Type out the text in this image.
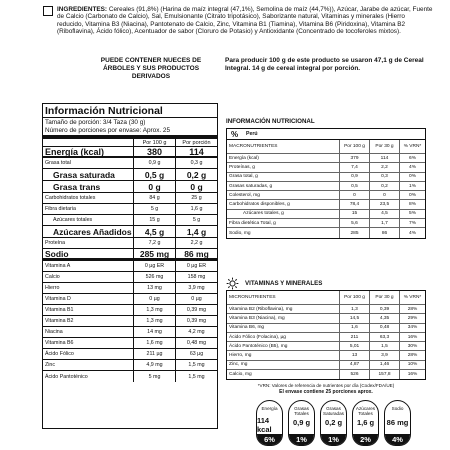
INGREDIENTES: Cereales (91,8%) (Harina de maíz integral (47,1%), Semolina de maíz (44,7%)), Azúcar, Jarabe de azúcar, Fuente de Calcio (Carbonato de Calcio), Sal, Emulsionante (Citrato tripotásico), Saborizante natural, Vitaminas y minerales (Hierro reducido, Vitamina B3 (Niacina), Pantotenato de Calcio, Zinc, Vitamina B1 (Tiamina), Vitamina B6 (Piridoxina), Vitamina B2 (Riboflavina), Ácido fólico), Acentuador de sabor (Cloruro de Potasio) y Antioxidante (Concentrado de tocoferoles mixtos).

PUEDE CONTENER NUECES DE ÁRBOLES Y SUS PRODUCTOS DERIVADOS
Para producir 100 g de este producto se usaron 47,1 g de Cereal Integral. 14 g de cereal integral por porción.
Información Nutricional
Tamaño de porción: 3/4 Taza (30 g)
Número de porciones por envase: Aprox. 25
Por 100 g	Por porción
Energía (kcal)	380	114
Grasa total	0,9 g	0,3 g
Grasa saturada	0,5 g	0,2 g
Grasa trans	0 g	0 g
Carbohidratos totales	84 g	25 g
Fibra dietaria	5 g	1,6 g
Azúcares totales	15 g	5 g
Azúcares Añadidos	4,5 g	1,4 g
Proteína	7,2 g	2,2 g
Sodio	285 mg	86 mg
Vitamina A	0 µg ER	0 µg ER
Calcio	526 mg	158 mg
Hierro	13 mg	3,9 mg
Vitamina D	0 µg	0 µg
Vitamina B1	1,3 mg	0,39 mg
Vitamina B2	1,3 mg	0,39 mg
Niacina	14 mg	4,2 mg
Vitamina B6	1,6 mg	0,48 mg
Ácido Fólico	211 µg	63 µg
Zinc	4,9 mg	1,5 mg
Ácido Pantoténico	5 mg	1,5 mg
INFORMACIÓN NUTRICIONAL
%	Perú
MACRONUTRIENTES	Por 100 g	Por 30 g	% VRN*
Energía (kcal)	379	114	6%
Proteínas, g	7,4	2,2	4%
Grasa total, g	0,9	0,3	0%
Grasas saturadas, g	0,5	0,2	1%
Colesterol, mg	0	0	0%
Carbohidratos disponibles, g	78,4	23,5	8%
Azúcares totales, g	15	4,5	5%
Fibra dietética Total, g	5,6	1,7	7%
Sodio, mg	285	86	4%
VITAMINAS Y MINERALES
MICRONUTRIENTES	Por 100 g	Por 30 g	% VRN*
Vitamina B2 (Riboflavina), mg	1,3	0,39	28%
Vitamina B3 (Niacina), mg	14,5	4,35	29%
Vitamina B6, mg	1,6	0,48	34%
Ácido Fólico (Folacina), µg	211	63,3	16%
Ácido Pantoténico (B5), mg	5,01	1,5	30%
Hierro, mg	13	3,9	28%
Zinc, mg	4,87	1,46	10%
Calcio, mg	526	157,8	16%
*VRN: Valores de referencia de nutrientes por día (Codex/FDA/UE)
El envase contiene 25 porciones aprox.
Energía
114 kcal
6%
Grasas Totales
0,9 g
1%
Grasas Saturadas
0,2 g
1%
Azúcares Totales
1,6 g
2%
Sodio
86 mg
4%
